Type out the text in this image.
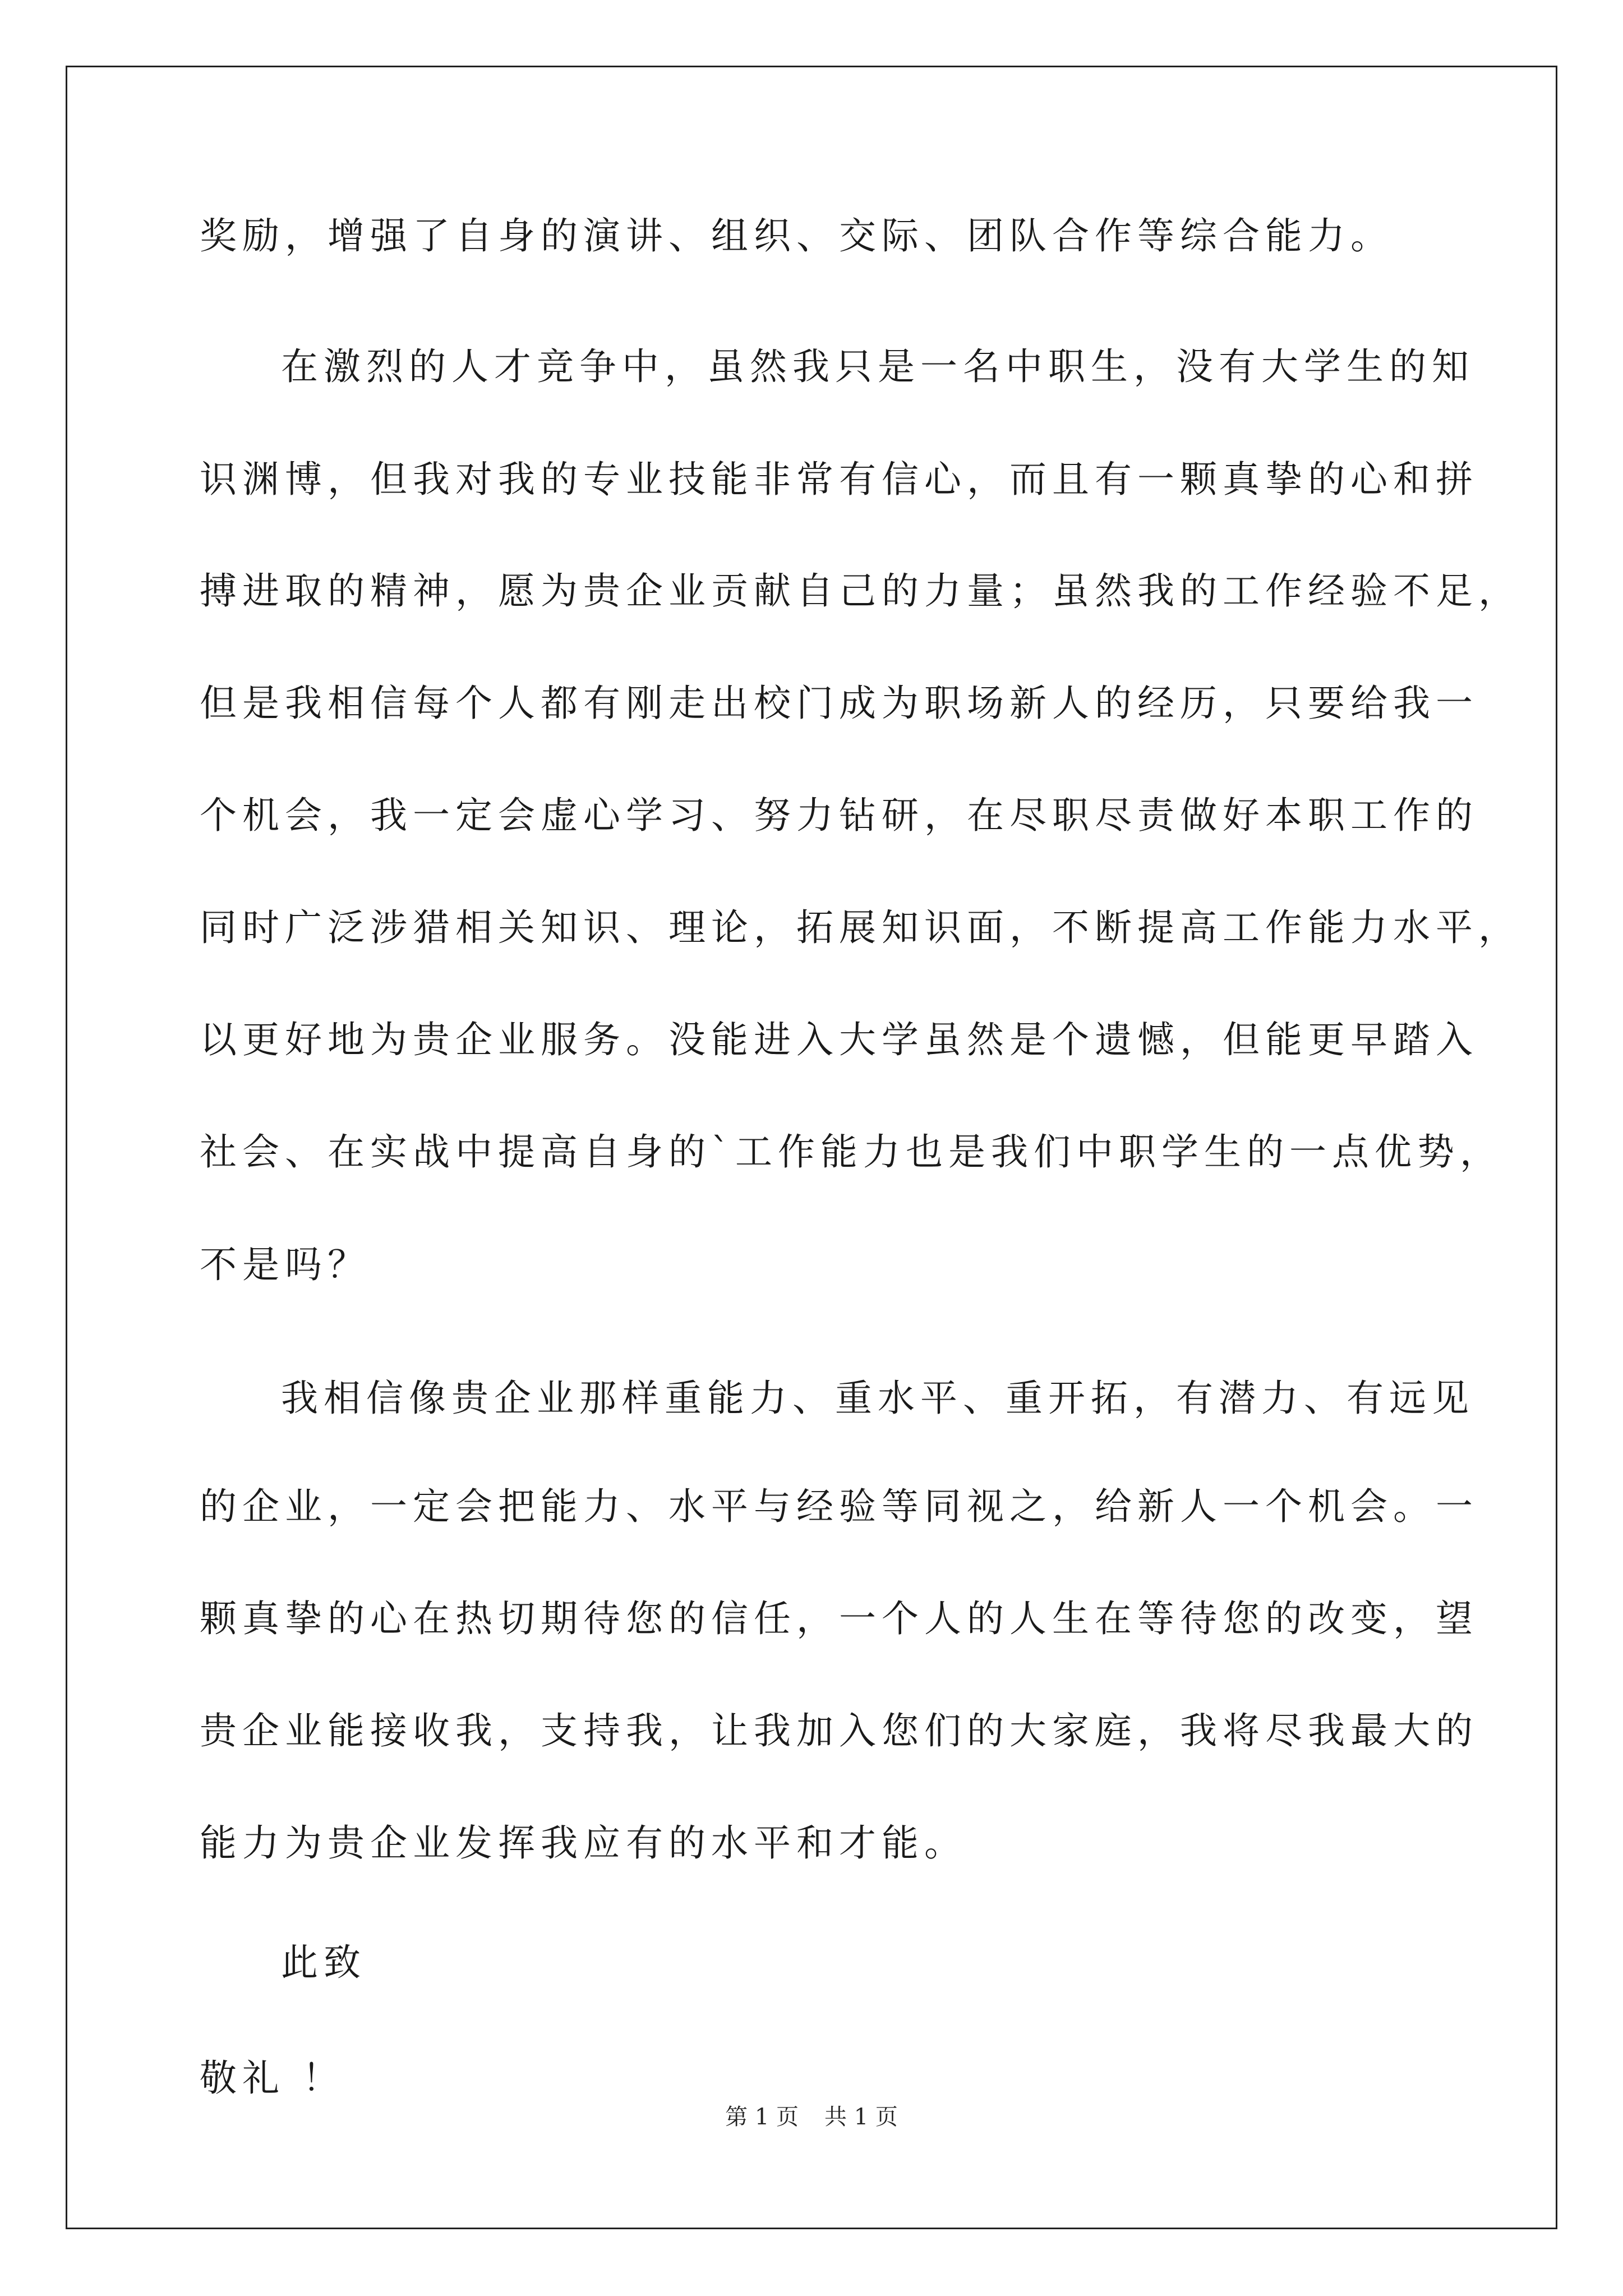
奖励，增强了自身的演讲、组织、交际、团队合作等综合能力。
在激烈的人才竞争中，虽然我只是一名中职生，没有大学生的知
识渊博，但我对我的专业技能非常有信心，而且有一颗真挚的心和拼
搏进取的精神，愿为贵企业贡献自己的力量；虽然我的工作经验不足，
但是我相信每个人都有刚走出校门成为职场新人的经历，只要给我一
个机会，我一定会虚心学习、努力钻研，在尽职尽责做好本职工作的
同时广泛涉猎相关知识、理论，拓展知识面，不断提高工作能力水平，
以更好地为贵企业服务。没能进入大学虽然是个遗憾，但能更早踏入
社会、在实战中提高自身的`工作能力也是我们中职学生的一点优势，
不是吗？
我相信像贵企业那样重能力、重水平、重开拓，有潜力、有远见
的企业，一定会把能力、水平与经验等同视之，给新人一个机会。一
颗真挚的心在热切期待您的信任，一个人的人生在等待您的改变，望
贵企业能接收我，支持我，让我加入您们的大家庭，我将尽我最大的
能力为贵企业发挥我应有的水平和才能。
此致
敬礼 ！
第 1 页 共 1 页
